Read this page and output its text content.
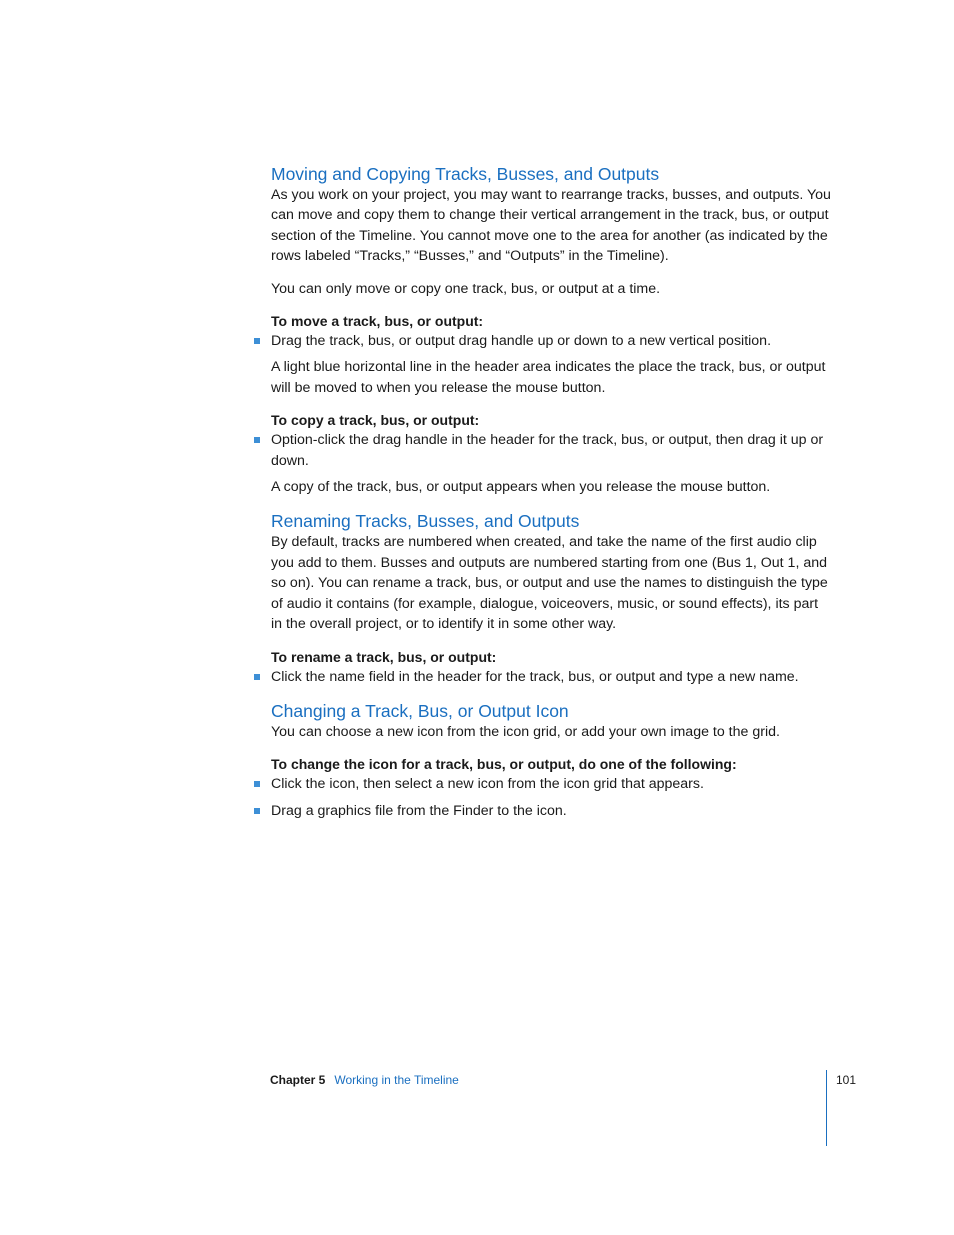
Moving and Copying Tracks, Busses, and Outputs

As you work on your project, you may want to rearrange tracks, busses, and outputs. You can move and copy them to change their vertical arrangement in the track, bus, or output section of the Timeline. You cannot move one to the area for another (as indicated by the rows labeled “Tracks,” “Busses,” and “Outputs” in the Timeline).

You can only move or copy one track, bus, or output at a time.

To move a track, bus, or output:

Drag the track, bus, or output drag handle up or down to a new vertical position.

A light blue horizontal line in the header area indicates the place the track, bus, or output will be moved to when you release the mouse button.

To copy a track, bus, or output:

Option-click the drag handle in the header for the track, bus, or output, then drag it up or down.

A copy of the track, bus, or output appears when you release the mouse button.

Renaming Tracks, Busses, and Outputs

By default, tracks are numbered when created, and take the name of the first audio clip you add to them. Busses and outputs are numbered starting from one (Bus 1, Out 1, and so on). You can rename a track, bus, or output and use the names to distinguish the type of audio it contains (for example, dialogue, voiceovers, music, or sound effects), its part in the overall project, or to identify it in some other way.

To rename a track, bus, or output:

Click the name field in the header for the track, bus, or output and type a new name.
Changing a Track, Bus, or Output Icon

You can choose a new icon from the icon grid, or add your own image to the grid.

To change the icon for a track, bus, or output, do one of the following:

Click the icon, then select a new icon from the icon grid that appears.
Drag a graphics file from the Finder to the icon.
Chapter 5 Working in the Timeline	101
